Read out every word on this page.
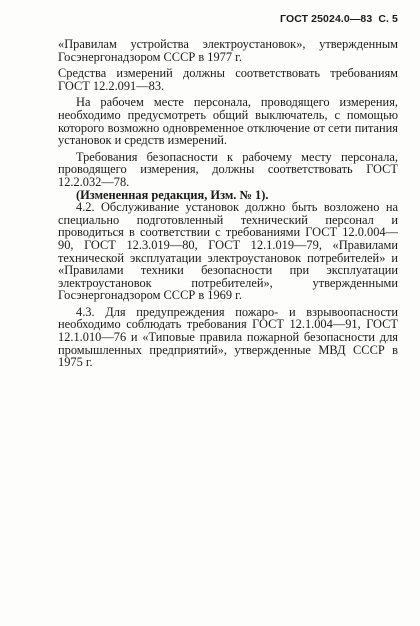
ГОСТ 25024.0—83 С. 5

«Правилам устройства электроустановок», утвержденным Госэнергонадзором СССР в 1977 г.

Средства измерений должны соответствовать требованиям ГОСТ 12.2.091—83.

На рабочем месте персонала, проводящего измерения, необходимо предусмотреть общий выключатель, с помощью которого возможно одновременное отключение от сети питания установок и средств измерений.

Требования безопасности к рабочему месту персонала, проводящего измерения, должны соответствовать ГОСТ 12.2.032—78.

(Измененная редакция, Изм. № 1).

4.2. Обслуживание установок должно быть возложено на специально подготовленный технический персонал и проводиться в соответствии с требованиями ГОСТ 12.0.004—90, ГОСТ 12.3.019—80, ГОСТ 12.1.019—79, «Правилами технической эксплуатации электроустановок потребителей» и «Правилами техники безопасности при эксплуатации электроустановок потребителей», утвержденными Госэнергонадзором СССР в 1969 г.

4.3. Для предупреждения пожаро- и взрывоопасности необходимо соблюдать требования ГОСТ 12.1.004—91, ГОСТ 12.1.010—76 и «Типовые правила пожарной безопасности для промышленных предприятий», утвержденные МВД СССР в 1975 г.
